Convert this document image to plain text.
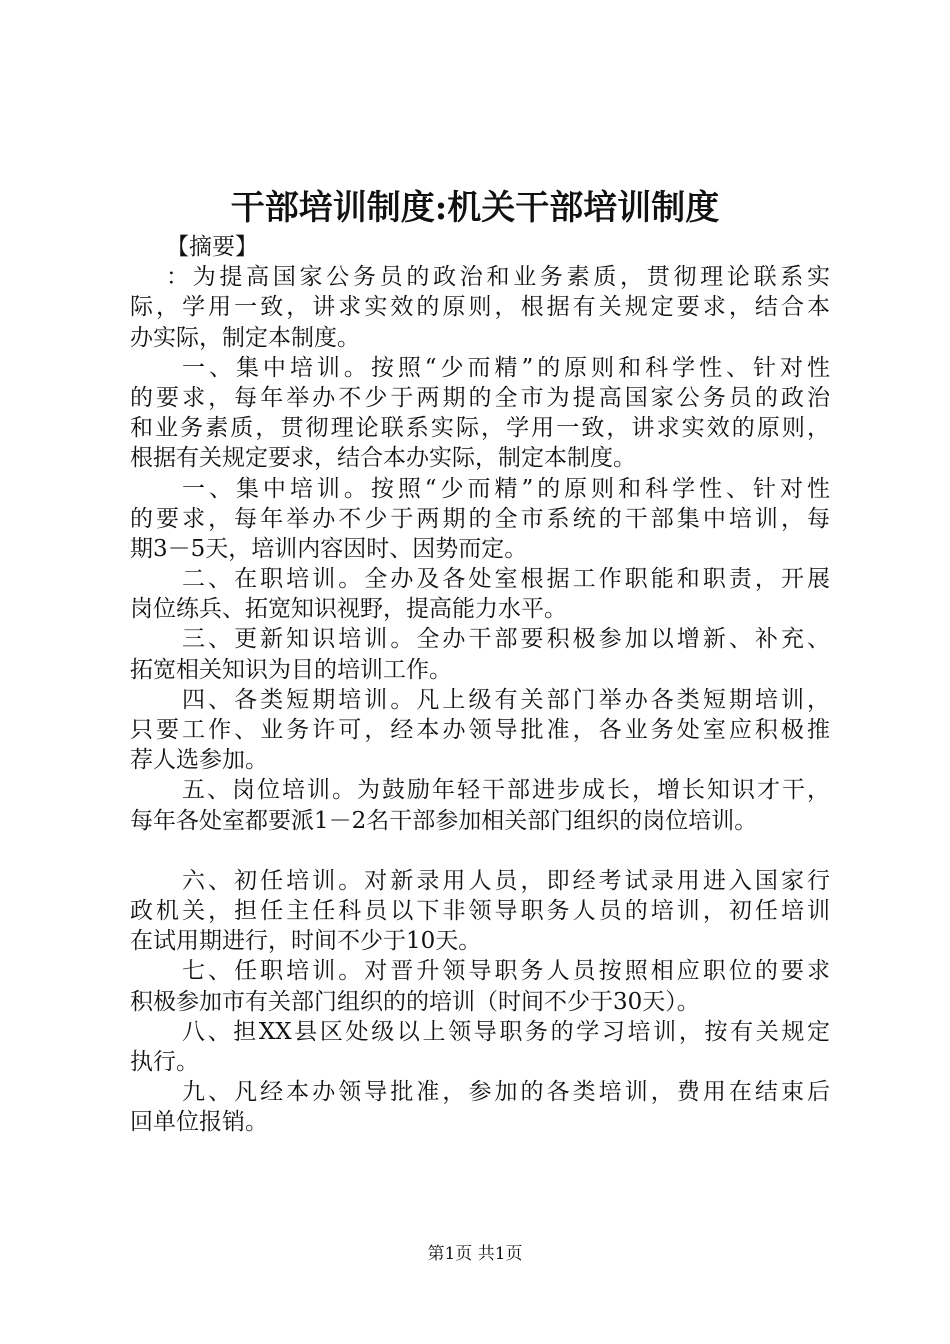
干部培训制度:机关干部培训制度
【摘要】
：为提高国家公务员的政治和业务素质，贯彻理论联系实
际，学用一致，讲求实效的原则，根据有关规定要求，结合本
办实际，制定本制度。
一、集中培训。按照“少而精”的原则和科学性、针对性
的要求，每年举办不少于两期的全市为提高国家公务员的政治
和业务素质，贯彻理论联系实际，学用一致，讲求实效的原则，
根据有关规定要求，结合本办实际，制定本制度。
一、集中培训。按照“少而精”的原则和科学性、针对性
的要求，每年举办不少于两期的全市系统的干部集中培训，每
期3－5天，培训内容因时、因势而定。
二、在职培训。全办及各处室根据工作职能和职责，开展
岗位练兵、拓宽知识视野，提高能力水平。
三、更新知识培训。全办干部要积极参加以增新、补充、
拓宽相关知识为目的培训工作。
四、各类短期培训。凡上级有关部门举办各类短期培训，
只要工作、业务许可，经本办领导批准，各业务处室应积极推
荐人选参加。
五、岗位培训。为鼓励年轻干部进步成长，增长知识才干，
每年各处室都要派1－2名干部参加相关部门组织的岗位培训。
六、初任培训。对新录用人员，即经考试录用进入国家行
政机关，担任主任科员以下非领导职务人员的培训，初任培训
在试用期进行，时间不少于10天。
七、任职培训。对晋升领导职务人员按照相应职位的要求
积极参加市有关部门组织的的培训（时间不少于30天）。
八、担XX县区处级以上领导职务的学习培训，按有关规定
执行。
九、凡经本办领导批准，参加的各类培训，费用在结束后
回单位报销。
第1页 共1页
